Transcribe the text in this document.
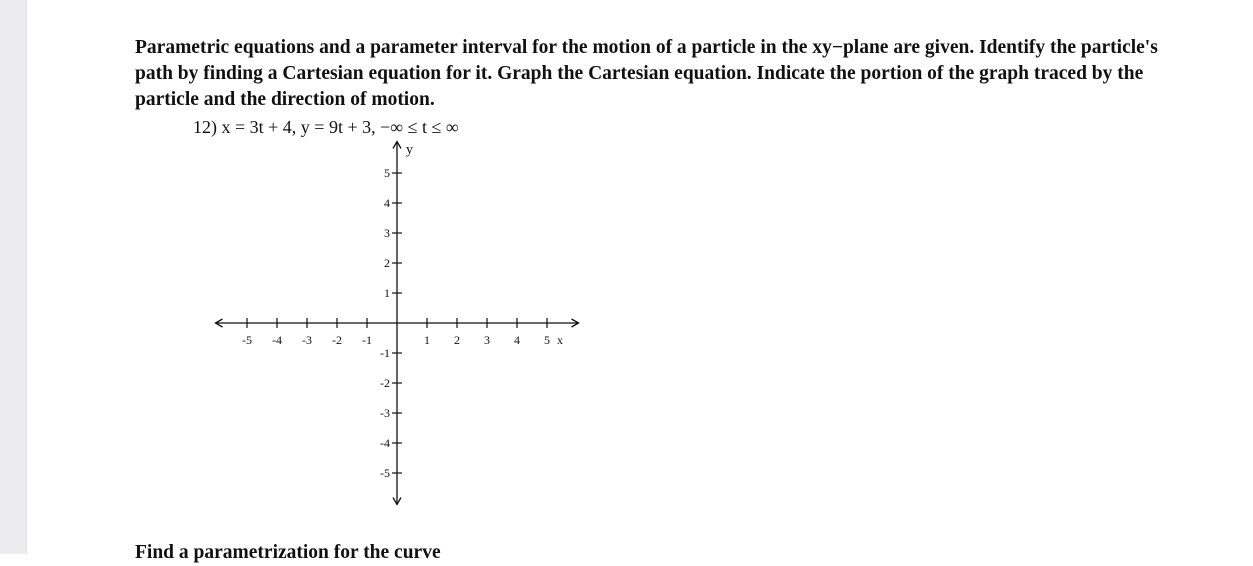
Parametric equations and a parameter interval for the motion of a particle in the xy−plane are given. Identify the particle's path by finding a Cartesian equation for it. Graph the Cartesian equation. Indicate the portion of the graph traced by the particle and the direction of motion.

12) x = 3t + 4, y = 9t + 3, −∞ ≤ t ≤ ∞
-5 -4 -3 -2 -1	1 2 3 4 5 x
5
4
3
2
1
-1
-2
-3
-4
-5
y
Find a parametrization for the curve
